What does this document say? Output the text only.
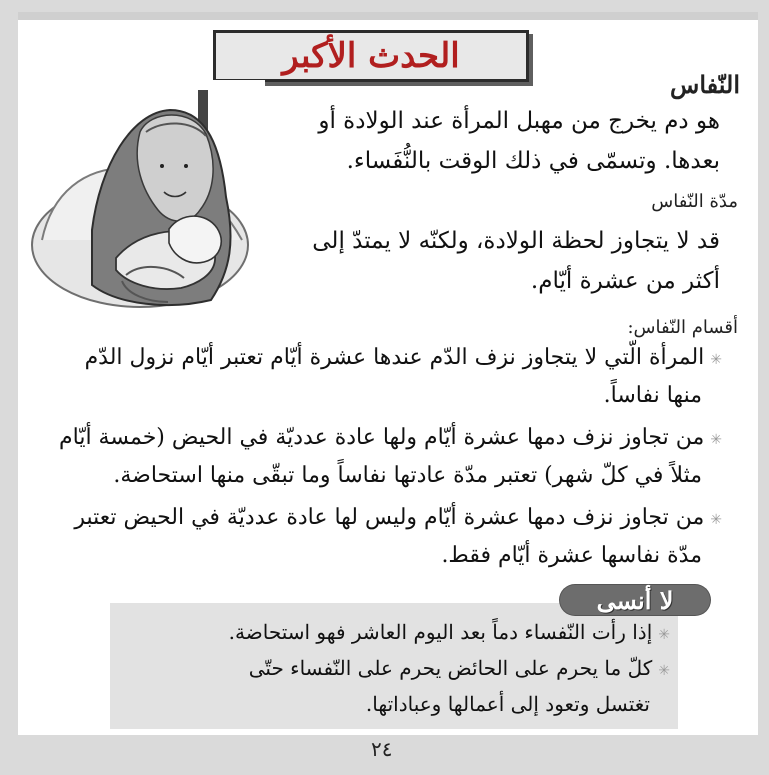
الحدث الأكبر
النّفاس
هو دم يخرج من مهبل المرأة عند الولادة أو
بعدها. وتسمّى في ذلك الوقت بالنُّفَساء.
مدّة النّفاس
قد لا يتجاوز لحظة الولادة، ولكنّه لا يمتدّ إلى
أكثر من عشرة أيّام.
أقسام النّفاس:
✳المرأة الّتي لا يتجاوز نزف الدّم عندها عشرة أيّام تعتبر أيّام نزول الدّم
منها نفاساً.
✳من تجاوز نزف دمها عشرة أيّام ولها عادة عدديّة في الحيض (خمسة أيّام
مثلاً في كلّ شهر) تعتبر مدّة عادتها نفاساً وما تبقّى منها استحاضة.
✳من تجاوز نزف دمها عشرة أيّام وليس لها عادة عدديّة في الحيض تعتبر
مدّة نفاسها عشرة أيّام فقط.
لا أنسى
✳إذا رأت النّفساء دماً بعد اليوم العاشر فهو استحاضة.
✳كلّ ما يحرم على الحائض يحرم على النّفساء حتّى
تغتسل وتعود إلى أعمالها وعباداتها.
٢٤
